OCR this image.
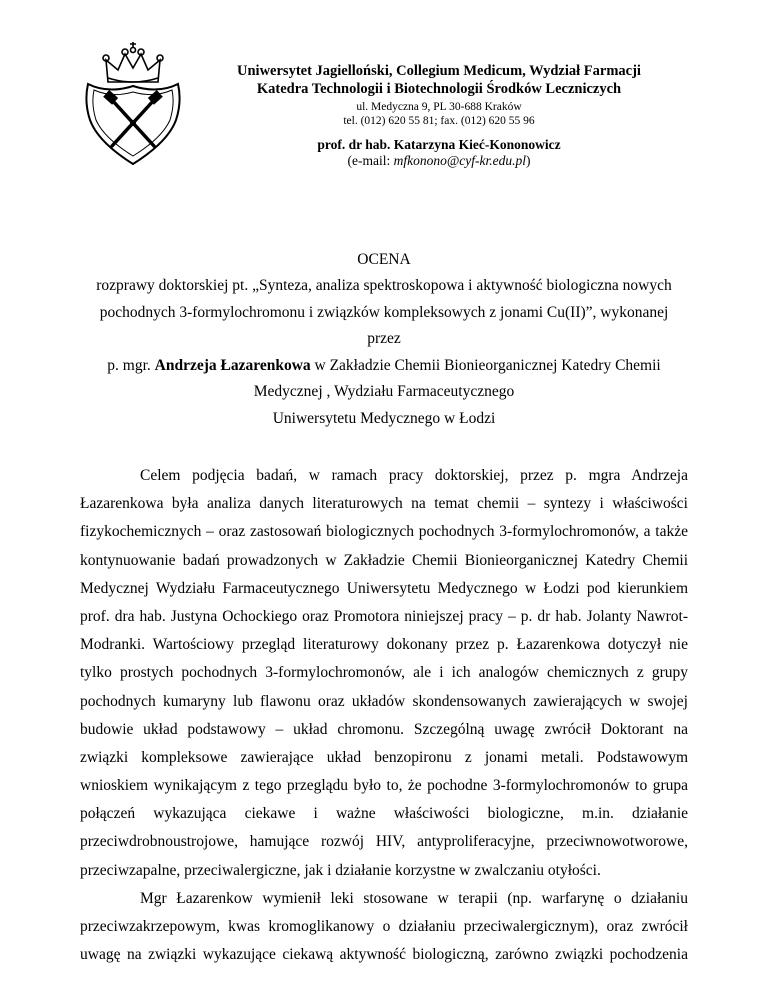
Uniwersytet Jagielloński, Collegium Medicum, Wydział Farmacji
Katedra Technologii i Biotechnologii Środków Leczniczych
ul. Medyczna 9, PL 30-688 Kraków
tel. (012) 620 55 81; fax. (012) 620 55 96
prof. dr hab. Katarzyna Kieć-Kononowicz
(e-mail: mfkonono@cyf-kr.edu.pl)
OCENA
rozprawy doktorskiej pt. „Synteza, analiza spektroskopowa i aktywność biologiczna nowych
pochodnych 3-formylochromonu i związków kompleksowych z jonami Cu(II)”, wykonanej
przez
p. mgr. Andrzeja Łazarenkowa w Zakładzie Chemii Bionieorganicznej Katedry Chemii
Medycznej , Wydziału Farmaceutycznego
Uniwersytetu Medycznego w Łodzi
Celem podjęcia badań, w ramach pracy doktorskiej, przez p. mgra Andrzeja
Łazarenkowa była analiza danych literaturowych na temat chemii – syntezy i właściwości
fizykochemicznych – oraz zastosowań biologicznych pochodnych 3-formylochromonów, a także
kontynuowanie badań prowadzonych w Zakładzie Chemii Bionieorganicznej Katedry Chemii
Medycznej Wydziału Farmaceutycznego Uniwersytetu Medycznego w Łodzi pod kierunkiem
prof. dra hab. Justyna Ochockiego oraz Promotora niniejszej pracy – p. dr hab. Jolanty Nawrot-
Modranki. Wartościowy przegląd literaturowy dokonany przez p. Łazarenkowa dotyczył nie
tylko prostych pochodnych 3-formylochromonów, ale i ich analogów chemicznych z grupy
pochodnych kumaryny lub flawonu oraz układów skondensowanych zawierających w swojej
budowie układ podstawowy – układ chromonu. Szczególną uwagę zwrócił Doktorant na
związki kompleksowe zawierające układ benzopironu z jonami metali. Podstawowym
wnioskiem wynikającym z tego przeglądu było to, że pochodne 3-formylochromonów to grupa
połączeń wykazująca ciekawe i ważne właściwości biologiczne, m.in. działanie
przeciwdrobnoustrojowe, hamujące rozwój HIV, antyproliferacyjne, przeciwnowotworowe,
przeciwzapalne, przeciwalergiczne, jak i działanie korzystne w zwalczaniu otyłości.
Mgr Łazarenkow wymienił leki stosowane w terapii (np. warfarynę o działaniu
przeciwzakrzepowym, kwas kromoglikanowy o działaniu przeciwalergicznym), oraz zwrócił
uwagę na związki wykazujące ciekawą aktywność biologiczną, zarówno związki pochodzenia
